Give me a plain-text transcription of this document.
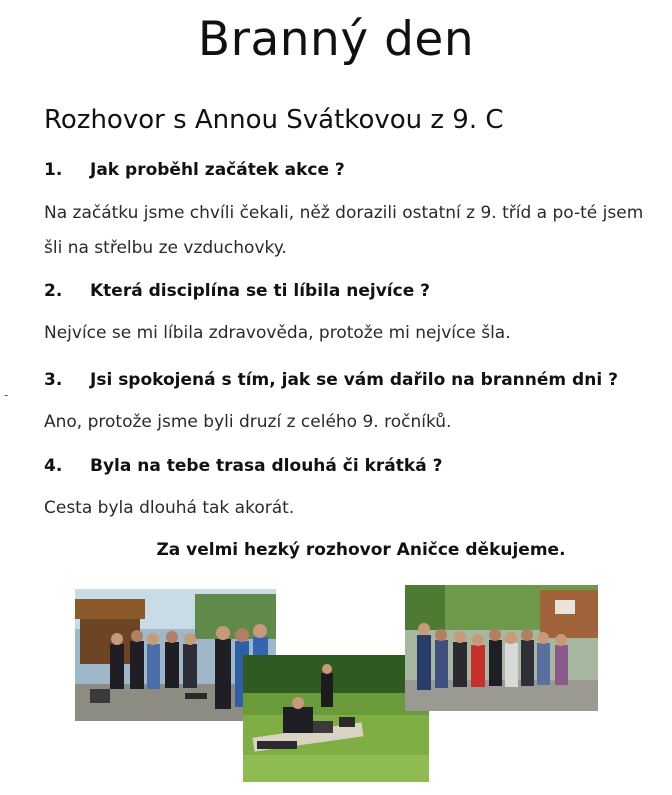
Branný den
Rozhovor s Annou Svátkovou z 9. C
-
1. Jak proběhl začátek akce ?
Na začátku jsme chvíli čekali, něž dorazili ostatní z 9. tříd a po-té jsem šli na střelbu ze vzduchovky.
2. Která disciplína se ti líbila nejvíce ?
Nejvíce se mi líbila zdravověda, protože mi nejvíce šla.
3. Jsi spokojená s tím, jak se vám dařilo na branném dni ?
Ano, protože jsme byli druzí z celého 9. ročníků.
4. Byla na tebe trasa dlouhá či krátká ?
Cesta byla dlouhá tak akorát.
Za velmi hezký rozhovor Aničce děkujeme.
